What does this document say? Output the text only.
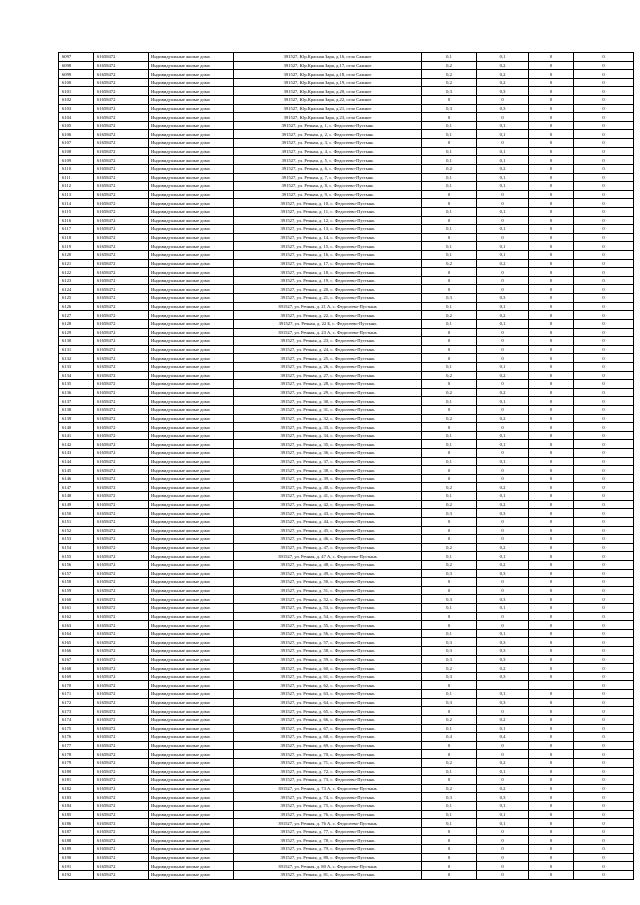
6097	61658472	Индивидуальные жилые дома	391527, Юр.Красная Заря, д.16, село Сажное	0,1	0,1	0	0
6098	61658472	Индивидуальные жилые дома	391527, Юр.Красная Заря, д.17, село Сажное	0,2	0,2	0	0
6099	61658472	Индивидуальные жилые дома	391527, Юр.Красная Заря, д.18, село Сажное	0,2	0,2	0	0
6100	61658472	Индивидуальные жилые дома	391527, Юр.Красная Заря, д.19, село Сажное	0,2	0,2	0	0
6101	61658472	Индивидуальные жилые дома	391527, Юр.Красная Заря, д.20, село Сажное	0,3	0,3	0	0
6102	61658472	Индивидуальные жилые дома	391527, Юр.Красная Заря, д.22, село Сажное	0	0	0	0
6103	61658472	Индивидуальные жилые дома	391527, Юр.Красная Заря, д.21, село Сажное	0,3	0,3	0	0
6104	61658472	Индивидуальные жилые дома	391527, Юр.Красная Заря, д.23, село Сажное	0	0	0	0
6105	61658472	Индивидуальные жилые дома	391527, ул. Речная, д. 1, с. Федосеево-Пустынь	0,1	0,1	0	0
6106	61658472	Индивидуальные жилые дома	391527, ул. Речная, д. 2, с. Федосеево-Пустынь	0,1	0,1	0	0
6107	61658472	Индивидуальные жилые дома	391527, ул. Речная, д. 3, с. Федосеево-Пустынь	0	0	0	0
6108	61658472	Индивидуальные жилые дома	391527, ул. Речная, д. 4, с. Федосеево-Пустынь	0,1	0,1	0	0
6109	61658472	Индивидуальные жилые дома	391527, ул. Речная, д. 5, с. Федосеево-Пустынь	0,1	0,1	0	0
6110	61658472	Индивидуальные жилые дома	391527, ул. Речная, д. 6, с. Федосеево-Пустынь	0,2	0,2	0	0
6111	61658472	Индивидуальные жилые дома	391527, ул. Речная, д. 7, с. Федосеево-Пустынь	0,1	0,1	0	0
6112	61658472	Индивидуальные жилые дома	391527, ул. Речная, д. 8, с. Федосеево-Пустынь	0,1	0,1	0	0
6113	61658472	Индивидуальные жилые дома	391527, ул. Речная, д. 9, с. Федосеево-Пустынь	0	0	0	0
6114	61658472	Индивидуальные жилые дома	391527, ул. Речная, д. 10, с. Федосеево-Пустынь	0	0	0	0
6115	61658472	Индивидуальные жилые дома	391527, ул. Речная, д. 11, с. Федосеево-Пустынь	0,1	0,1	0	0
6116	61658472	Индивидуальные жилые дома	391527, ул. Речная, д. 12, с. Федосеево-Пустынь	0	0	0	0
6117	61658472	Индивидуальные жилые дома	391527, ул. Речная, д. 13, с. Федосеево-Пустынь	0,1	0,1	0	0
6118	61658472	Индивидуальные жилые дома	391527, ул. Речная, д. 14, с. Федосеево-Пустынь	0	0	0	0
6119	61658472	Индивидуальные жилые дома	391527, ул. Речная, д. 15, с. Федосеево-Пустынь	0,1	0,1	0	0
6120	61658472	Индивидуальные жилые дома	391527, ул. Речная, д. 16, с. Федосеево-Пустынь	0,1	0,1	0	0
6121	61658472	Индивидуальные жилые дома	391527, ул. Речная, д. 17, с. Федосеево-Пустынь	0,2	0,2	0	0
6122	61658472	Индивидуальные жилые дома	391527, ул. Речная, д. 18, с. Федосеево-Пустынь	0	0	0	0
6123	61658472	Индивидуальные жилые дома	391527, ул. Речная, д. 19, с. Федосеево-Пустынь	0	0	0	0
6124	61658472	Индивидуальные жилые дома	391527, ул. Речная, д. 20, с. Федосеево-Пустынь	0	0	0	0
6125	61658472	Индивидуальные жилые дома	391527, ул. Речная, д. 21, с. Федосеево-Пустынь	0,3	0,3	0	0
6126	61658472	Индивидуальные жилые дома	391527, ул. Речная, д. 21 А, с. Федосеево-Пустынь	0,1	0,1	0	0
6127	61658472	Индивидуальные жилые дома	391527, ул. Речная, д. 22, с. Федосеево-Пустынь	0,2	0,2	0	0
6128	61658472	Индивидуальные жилые дома	391527, ул. Речная, д. 22 Б, с. Федосеево-Пустынь	0,1	0,1	0	0
6129	61658472	Индивидуальные жилые дома	391527, ул. Речная, д. 23 А, с. Федосеево-Пустынь	0	0	0	0
6130	61658472	Индивидуальные жилые дома	391527, ул. Речная, д. 23, с. Федосеево-Пустынь	0	0	0	0
6131	61658472	Индивидуальные жилые дома	391527, ул. Речная, д. 24, с. Федосеево-Пустынь	0	0	0	0
6132	61658472	Индивидуальные жилые дома	391527, ул. Речная, д. 25, с. Федосеево-Пустынь	0	0	0	0
6133	61658472	Индивидуальные жилые дома	391527, ул. Речная, д. 26, с. Федосеево-Пустынь	0,1	0,1	0	0
6134	61658472	Индивидуальные жилые дома	391527, ул. Речная, д. 27, с. Федосеево-Пустынь	0,2	0,2	0	0
6135	61658472	Индивидуальные жилые дома	391527, ул. Речная, д. 28, с. Федосеево-Пустынь	0	0	0	0
6136	61658472	Индивидуальные жилые дома	391527, ул. Речная, д. 29, с. Федосеево-Пустынь	0,2	0,2	0	0
6137	61658472	Индивидуальные жилые дома	391527, ул. Речная, д. 30, с. Федосеево-Пустынь	0,1	0,1	0	0
6138	61658472	Индивидуальные жилые дома	391527, ул. Речная, д. 31, с. Федосеево-Пустынь	0	0	0	0
6139	61658472	Индивидуальные жилые дома	391527, ул. Речная, д. 32, с. Федосеево-Пустынь	0,2	0,2	0	0
6140	61658472	Индивидуальные жилые дома	391527, ул. Речная, д. 33, с. Федосеево-Пустынь	0	0	0	0
6141	61658472	Индивидуальные жилые дома	391527, ул. Речная, д. 34, с. Федосеево-Пустынь	0,1	0,1	0	0
6142	61658472	Индивидуальные жилые дома	391527, ул. Речная, д. 35, с. Федосеево-Пустынь	0,1	0,1	0	0
6143	61658472	Индивидуальные жилые дома	391527, ул. Речная, д. 36, с. Федосеево-Пустынь	0	0	0	0
6144	61658472	Индивидуальные жилые дома	391527, ул. Речная, д. 37, с. Федосеево-Пустынь	0,1	0,1	0	0
6145	61658472	Индивидуальные жилые дома	391527, ул. Речная, д. 38, с. Федосеево-Пустынь	0	0	0	0
6146	61658472	Индивидуальные жилые дома	391527, ул. Речная, д. 39, с. Федосеево-Пустынь	0	0	0	0
6147	61658472	Индивидуальные жилые дома	391527, ул. Речная, д. 40, с. Федосеево-Пустынь	0,2	0,2	0	0
6148	61658472	Индивидуальные жилые дома	391527, ул. Речная, д. 41, с. Федосеево-Пустынь	0,1	0,1	0	0
6149	61658472	Индивидуальные жилые дома	391527, ул. Речная, д. 42, с. Федосеево-Пустынь	0,2	0,2	0	0
6150	61658472	Индивидуальные жилые дома	391527, ул. Речная, д. 43, с. Федосеево-Пустынь	0,3	0,3	0	0
6151	61658472	Индивидуальные жилые дома	391527, ул. Речная, д. 44, с. Федосеево-Пустынь	0	0	0	0
6152	61658472	Индивидуальные жилые дома	391527, ул. Речная, д. 45, с. Федосеево-Пустынь	0	0	0	0
6153	61658472	Индивидуальные жилые дома	391527, ул. Речная, д. 46, с. Федосеево-Пустынь	0	0	0	0
6154	61658472	Индивидуальные жилые дома	391527, ул. Речная, д. 47, с. Федосеево-Пустынь	0,2	0,2	0	0
6155	61658472	Индивидуальные жилые дома	391527, ул. Речная, д. 47 А, с. Федосеево-Пустынь	0,1	0,1	0	0
6156	61658472	Индивидуальные жилые дома	391527, ул. Речная, д. 48, с. Федосеево-Пустынь	0,2	0,2	0	0
6157	61658472	Индивидуальные жилые дома	391527, ул. Речная, д. 49, с. Федосеево-Пустынь	0,3	0,3	0	0
6158	61658472	Индивидуальные жилые дома	391527, ул. Речная, д. 50, с. Федосеево-Пустынь	0	0	0	0
6159	61658472	Индивидуальные жилые дома	391527, ул. Речная, д. 51, с. Федосеево-Пустынь	0	0	0	0
6160	61658472	Индивидуальные жилые дома	391527, ул. Речная, д. 52, с. Федосеево-Пустынь	0,3	0,3	0	0
6161	61658472	Индивидуальные жилые дома	391527, ул. Речная, д. 53, с. Федосеево-Пустынь	0,1	0,1	0	0
6162	61658472	Индивидуальные жилые дома	391527, ул. Речная, д. 54, с. Федосеево-Пустынь	0	0	0	0
6163	61658472	Индивидуальные жилые дома	391527, ул. Речная, д. 55, с. Федосеево-Пустынь	0	0	0	0
6164	61658472	Индивидуальные жилые дома	391527, ул. Речная, д. 56, с. Федосеево-Пустынь	0,1	0,1	0	0
6165	61658472	Индивидуальные жилые дома	391527, ул. Речная, д. 57, с. Федосеево-Пустынь	0,3	0,3	0	0
6166	61658472	Индивидуальные жилые дома	391527, ул. Речная, д. 58, с. Федосеево-Пустынь	0,3	0,3	0	0
6167	61658472	Индивидуальные жилые дома	391527, ул. Речная, д. 59, с. Федосеево-Пустынь	0,3	0,3	0	0
6168	61658472	Индивидуальные жилые дома	391527, ул. Речная, д. 60, с. Федосеево-Пустынь	0,2	0,2	0	0
6169	61658472	Индивидуальные жилые дома	391527, ул. Речная, д. 61, с. Федосеево-Пустынь	0,3	0,3	0	0
6170	61658472	Индивидуальные жилые дома	391527, ул. Речная, д. 62, с. Федосеево-Пустынь	0			0
6171	61658472	Индивидуальные жилые дома	391527, ул. Речная, д. 63, с. Федосеево-Пустынь	0,1	0,1	0	0
6172	61658472	Индивидуальные жилые дома	391527, ул. Речная, д. 64, с. Федосеево-Пустынь	0,3	0,3	0	0
6173	61658472	Индивидуальные жилые дома	391527, ул. Речная, д. 65, с. Федосеево-Пустынь	0	0	0	0
6174	61658472	Индивидуальные жилые дома	391527, ул. Речная, д. 66, с. Федосеево-Пустынь	0,2	0,2	0	0
6175	61658472	Индивидуальные жилые дома	391527, ул. Речная, д. 67, с. Федосеево-Пустынь	0,1	0,1	0	0
6176	61658472	Индивидуальные жилые дома	391527, ул. Речная, д. 68, с. Федосеево-Пустынь	0,4	0,4	0	0
6177	61658472	Индивидуальные жилые дома	391527, ул. Речная, д. 69, с. Федосеево-Пустынь	0	0	0	0
6178	61658472	Индивидуальные жилые дома	391527, ул. Речная, д. 70, с. Федосеево-Пустынь	0	0	0	0
6179	61658472	Индивидуальные жилые дома	391527, ул. Речная, д. 71, с. Федосеево-Пустынь	0,2	0,2	0	0
6180	61658472	Индивидуальные жилые дома	391527, ул. Речная, д. 72, с. Федосеево-Пустынь	0,1	0,1	0	0
6181	61658472	Индивидуальные жилые дома	391527, ул. Речная, д. 73, с. Федосеево-Пустынь	0	0	0	0
6182	61658472	Индивидуальные жилые дома	391527, ул. Речная, д. 73 А, с. Федосеево-Пустынь	0,2	0,2	0	0
6183	61658472	Индивидуальные жилые дома	391527, ул. Речная, д. 74, с. Федосеево-Пустынь	0,3	0,3	0	0
6184	61658472	Индивидуальные жилые дома	391527, ул. Речная, д. 75, с. Федосеево-Пустынь	0,1	0,1	0	0
6185	61658472	Индивидуальные жилые дома	391527, ул. Речная, д. 76, с. Федосеево-Пустынь	0,1	0,1	0	0
6186	61658472	Индивидуальные жилые дома	391527, ул. Речная, д. 76 А, с. Федосеево-Пустынь	0,1	0,1	0	0
6187	61658472	Индивидуальные жилые дома	391527, ул. Речная, д. 77, с. Федосеево-Пустынь	0	0	0	0
6188	61658472	Индивидуальные жилые дома	391527, ул. Речная, д. 78, с. Федосеево-Пустынь	0	0	0	0
6189	61658472	Индивидуальные жилые дома	391527, ул. Речная, д. 79, с. Федосеево-Пустынь	0	0	0	0
6190	61658472	Индивидуальные жилые дома	391527, ул. Речная, д. 80, с. Федосеево-Пустынь	0	0	0	0
6191	61658472	Индивидуальные жилые дома	391527, ул. Речная, д. 80 А, с. Федосеево-Пустынь	0	0	0	0
6192	61658472	Индивидуальные жилые дома	391527, ул. Речная, д. 81, с. Федосеево-Пустынь	0	0	0	0
